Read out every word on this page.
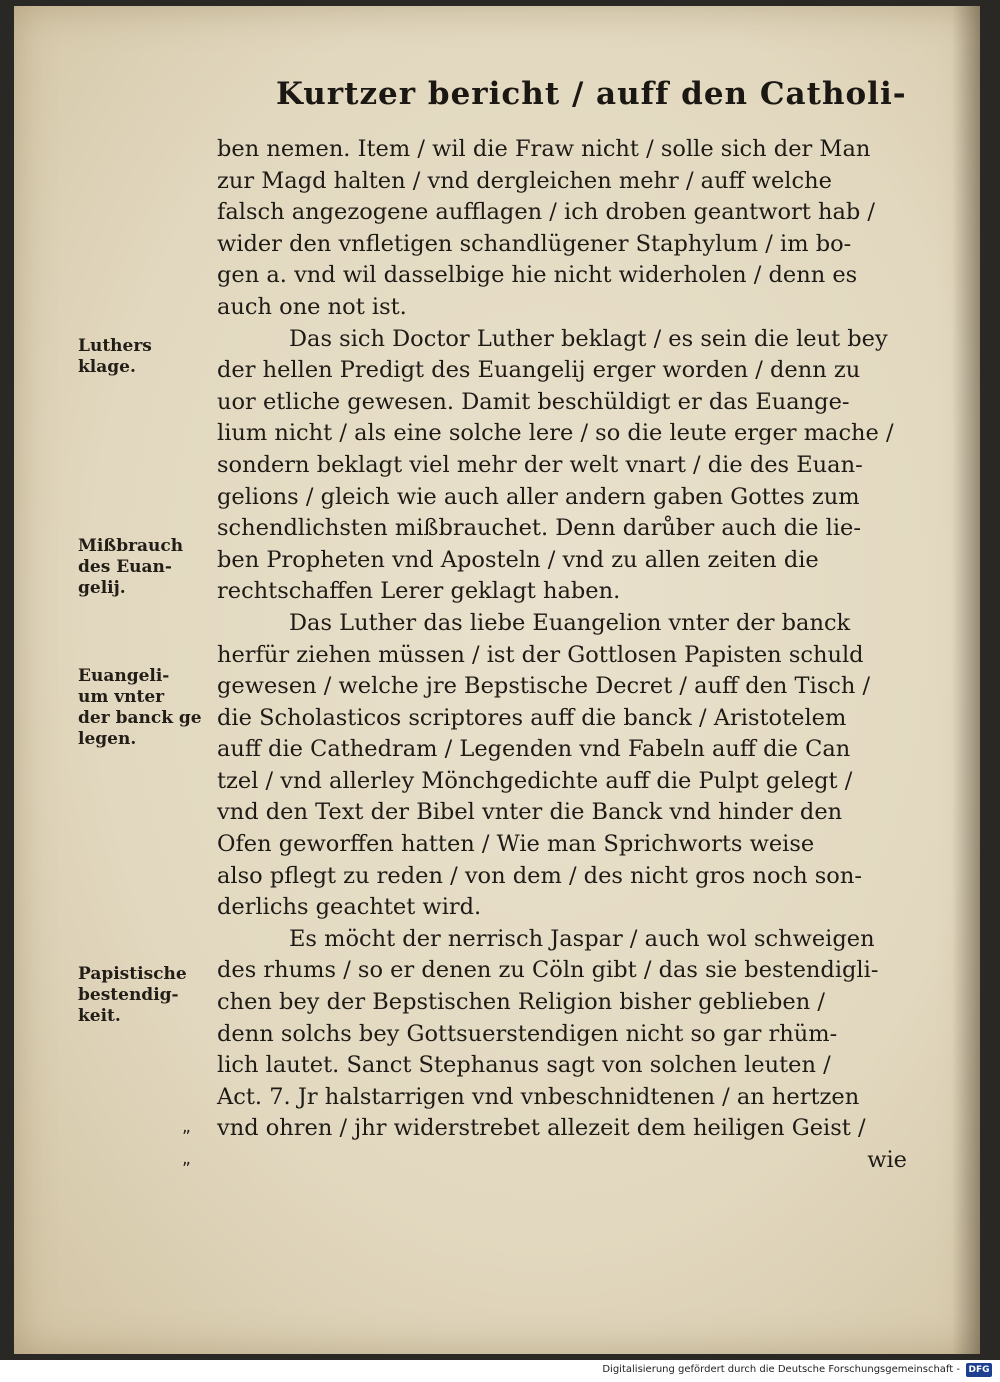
Kurtzer bericht / auff den Catholi-
ben nemen. Item / wil die Fraw nicht / solle sich der Man
zur Magd halten / vnd dergleichen mehr / auff welche
falsch angezogene aufflagen / ich droben geantwort hab /
wider den vnfletigen schandlügener Staphylum / im bo-
gen a. vnd wil dasselbige hie nicht widerholen / denn es
auch one not ist.
Das sich Doctor Luther beklagt / es sein die leut bey
der hellen Predigt des Euangelij erger worden / denn zu
uor etliche gewesen. Damit beschüldigt er das Euange-
lium nicht / als eine solche lere / so die leute erger mache /
sondern beklagt viel mehr der welt vnart / die des Euan-
gelions / gleich wie auch aller andern gaben Gottes zum
schendlichsten mißbrauchet. Denn darůber auch die lie-
ben Propheten vnd Aposteln / vnd zu allen zeiten die
rechtschaffen Lerer geklagt haben.
Das Luther das liebe Euangelion vnter der banck
herfür ziehen müssen / ist der Gottlosen Papisten schuld
gewesen / welche jre Bepstische Decret / auff den Tisch /
die Scholasticos scriptores auff die banck / Aristotelem
auff die Cathedram / Legenden vnd Fabeln auff die Can
tzel / vnd allerley Mönchgedichte auff die Pulpt gelegt /
vnd den Text der Bibel vnter die Banck vnd hinder den
Ofen geworffen hatten / Wie man Sprichworts weise
also pflegt zu reden / von dem / des nicht gros noch son-
derlichs geachtet wird.
Es möcht der nerrisch Jaspar / auch wol schweigen
des rhums / so er denen zu Cöln gibt / das sie bestendigli-
chen bey der Bepstischen Religion bisher geblieben /
denn solchs bey Gottsuerstendigen nicht so gar rhüm-
lich lautet. Sanct Stephanus sagt von solchen leuten /
Act. 7. Jr halstarrigen vnd vnbeschnidtenen / an hertzen
vnd ohren / jhr widerstrebet allezeit dem heiligen Geist /
wie
Luthers
klage.
Mißbrauch
des Euan-
gelij.
Euangeli-
um vnter
der banck ge
legen.
Papistische
bestendig-
keit.
„
„
Digitalisierung gefördert durch die Deutsche Forschungsgemeinschaft - DFG
